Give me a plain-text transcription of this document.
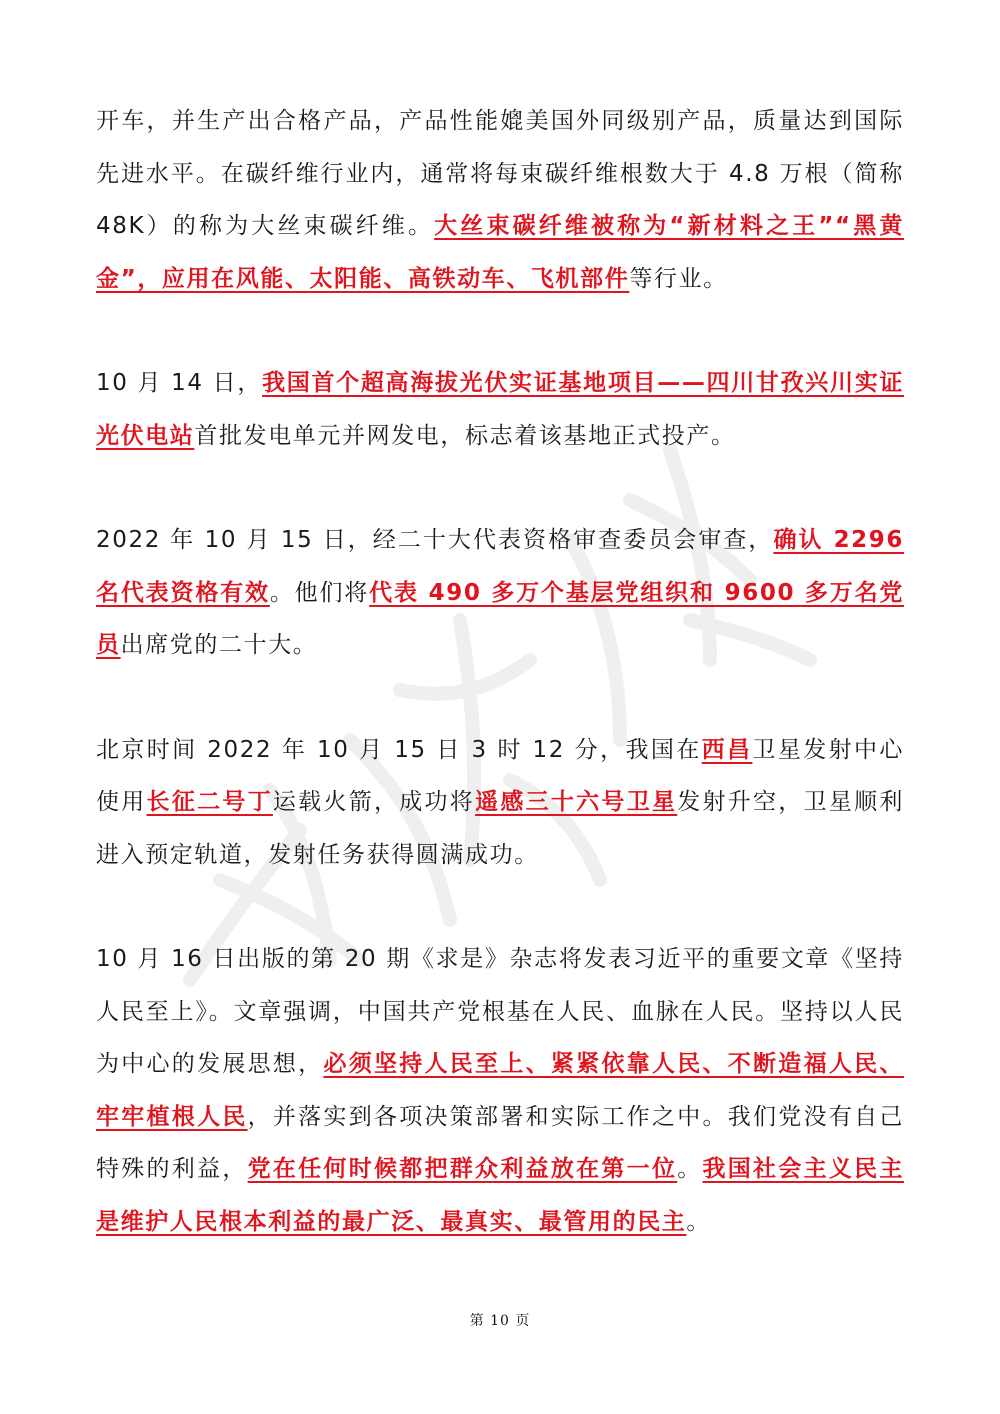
开车，并生产出合格产品，产品性能媲美国外同级别产品，质量达到国际先进水平。在碳纤维行业内，通常将每束碳纤维根数大于 4.8 万根（简称 48K）的称为大丝束碳纤维。大丝束碳纤维被称为“新材料之王”“黑黄金”，应用在风能、太阳能、高铁动车、飞机部件等行业。

10 月 14 日，我国首个超高海拔光伏实证基地项目——四川甘孜兴川实证光伏电站首批发电单元并网发电，标志着该基地正式投产。

2022 年 10 月 15 日，经二十大代表资格审查委员会审查，确认 2296 名代表资格有效。他们将代表 490 多万个基层党组织和 9600 多万名党员出席党的二十大。

北京时间 2022 年 10 月 15 日 3 时 12 分，我国在西昌卫星发射中心使用长征二号丁运载火箭，成功将遥感三十六号卫星发射升空，卫星顺利进入预定轨道，发射任务获得圆满成功。

10 月 16 日出版的第 20 期《求是》杂志将发表习近平的重要文章《坚持人民至上》。文章强调，中国共产党根基在人民、血脉在人民。坚持以人民为中心的发展思想，必须坚持人民至上、紧紧依靠人民、不断造福人民、牢牢植根人民，并落实到各项决策部署和实际工作之中。我们党没有自己特殊的利益，党在任何时候都把群众利益放在第一位。我国社会主义民主是维护人民根本利益的最广泛、最真实、最管用的民主。

第 10 页
